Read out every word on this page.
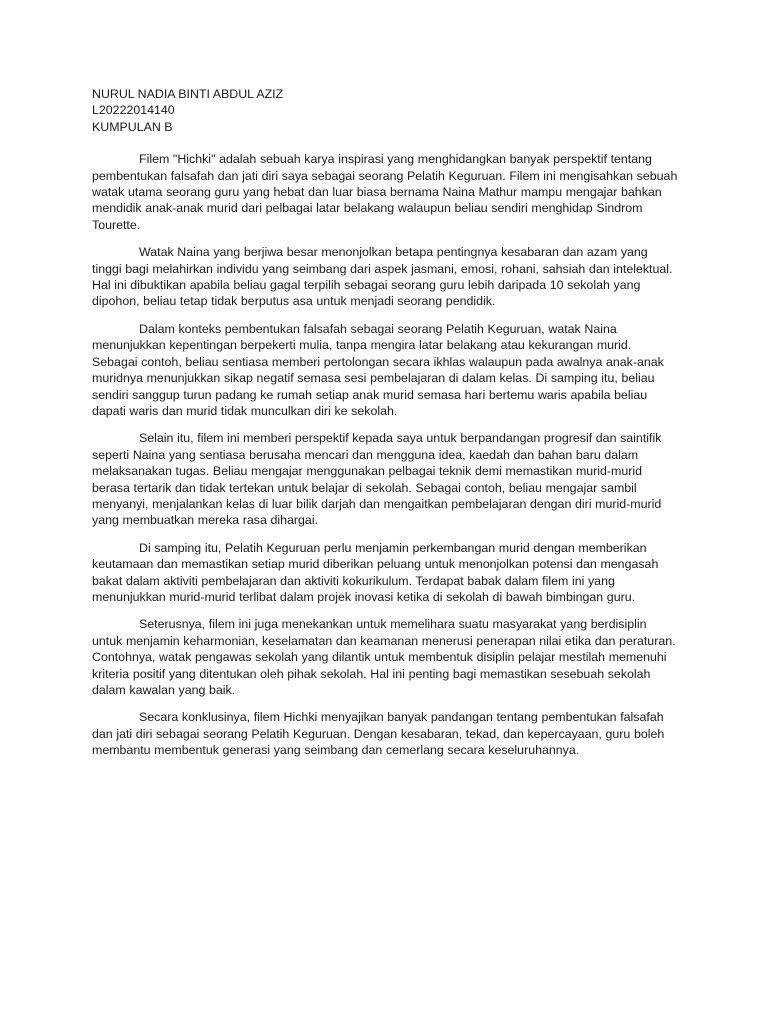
NURUL NADIA BINTI ABDUL AZIZ
L20222014140
KUMPULAN B

Filem "Hichki" adalah sebuah karya inspirasi yang menghidangkan banyak perspektif tentang pembentukan falsafah dan jati diri saya sebagai seorang Pelatih Keguruan. Filem ini mengisahkan sebuah watak utama seorang guru yang hebat dan luar biasa bernama Naina Mathur mampu mengajar bahkan mendidik anak-anak murid dari pelbagai latar belakang walaupun beliau sendiri menghidap Sindrom Tourette.

Watak Naina yang berjiwa besar menonjolkan betapa pentingnya kesabaran dan azam yang tinggi bagi melahirkan individu yang seimbang dari aspek jasmani, emosi, rohani, sahsiah dan intelektual. Hal ini dibuktikan apabila beliau gagal terpilih sebagai seorang guru lebih daripada 10 sekolah yang dipohon, beliau tetap tidak berputus asa untuk menjadi seorang pendidik.

Dalam konteks pembentukan falsafah sebagai seorang Pelatih Keguruan, watak Naina menunjukkan kepentingan berpekerti mulia, tanpa mengira latar belakang atau kekurangan murid. Sebagai contoh, beliau sentiasa memberi pertolongan secara ikhlas walaupun pada awalnya anak-anak muridnya menunjukkan sikap negatif semasa sesi pembelajaran di dalam kelas. Di samping itu, beliau sendiri sanggup turun padang ke rumah setiap anak murid semasa hari bertemu waris apabila beliau dapati waris dan murid tidak munculkan diri ke sekolah.

Selain itu, filem ini memberi perspektif kepada saya untuk berpandangan progresif dan saintifik seperti Naina yang sentiasa berusaha mencari dan mengguna idea, kaedah dan bahan baru dalam melaksanakan tugas. Beliau mengajar menggunakan pelbagai teknik demi memastikan murid-murid berasa tertarik dan tidak tertekan untuk belajar di sekolah. Sebagai contoh, beliau mengajar sambil menyanyi, menjalankan kelas di luar bilik darjah dan mengaitkan pembelajaran dengan diri murid-murid yang membuatkan mereka rasa dihargai.

Di samping itu, Pelatih Keguruan perlu menjamin perkembangan murid dengan memberikan keutamaan dan memastikan setiap murid diberikan peluang untuk menonjolkan potensi dan mengasah bakat dalam aktiviti pembelajaran dan aktiviti kokurikulum. Terdapat babak dalam filem ini yang menunjukkan murid-murid terlibat dalam projek inovasi ketika di sekolah di bawah bimbingan guru.

Seterusnya, filem ini juga menekankan untuk memelihara suatu masyarakat yang berdisiplin untuk menjamin keharmonian, keselamatan dan keamanan menerusi penerapan nilai etika dan peraturan. Contohnya, watak pengawas sekolah yang dilantik untuk membentuk disiplin pelajar mestilah memenuhi kriteria positif yang ditentukan oleh pihak sekolah. Hal ini penting bagi memastikan sesebuah sekolah dalam kawalan yang baik.

Secara konklusinya, filem Hichki menyajikan banyak pandangan tentang pembentukan falsafah dan jati diri sebagai seorang Pelatih Keguruan. Dengan kesabaran, tekad, dan kepercayaan, guru boleh membantu membentuk generasi yang seimbang dan cemerlang secara keseluruhannya.
